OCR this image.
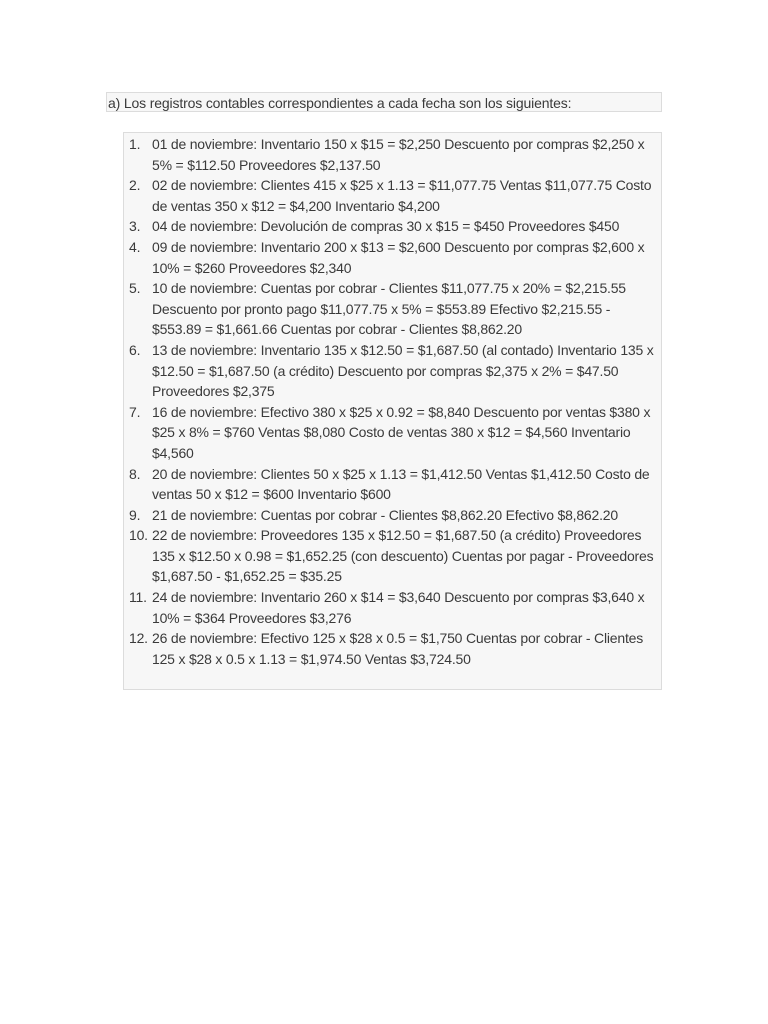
a) Los registros contables correspondientes a cada fecha son los siguientes:
1. 01 de noviembre: Inventario 150 x $15 = $2,250 Descuento por compras $2,250 x 5% = $112.50 Proveedores $2,137.50
2. 02 de noviembre: Clientes 415 x $25 x 1.13 = $11,077.75 Ventas $11,077.75 Costo de ventas 350 x $12 = $4,200 Inventario $4,200
3. 04 de noviembre: Devolución de compras 30 x $15 = $450 Proveedores $450
4. 09 de noviembre: Inventario 200 x $13 = $2,600 Descuento por compras $2,600 x 10% = $260 Proveedores $2,340
5. 10 de noviembre: Cuentas por cobrar - Clientes $11,077.75 x 20% = $2,215.55 Descuento por pronto pago $11,077.75 x 5% = $553.89 Efectivo $2,215.55 - $553.89 = $1,661.66 Cuentas por cobrar - Clientes $8,862.20
6. 13 de noviembre: Inventario 135 x $12.50 = $1,687.50 (al contado) Inventario 135 x $12.50 = $1,687.50 (a crédito) Descuento por compras $2,375 x 2% = $47.50 Proveedores $2,375
7. 16 de noviembre: Efectivo 380 x $25 x 0.92 = $8,840 Descuento por ventas $380 x $25 x 8% = $760 Ventas $8,080 Costo de ventas 380 x $12 = $4,560 Inventario $4,560
8. 20 de noviembre: Clientes 50 x $25 x 1.13 = $1,412.50 Ventas $1,412.50 Costo de ventas 50 x $12 = $600 Inventario $600
9. 21 de noviembre: Cuentas por cobrar - Clientes $8,862.20 Efectivo $8,862.20
10. 22 de noviembre: Proveedores 135 x $12.50 = $1,687.50 (a crédito) Proveedores 135 x $12.50 x 0.98 = $1,652.25 (con descuento) Cuentas por pagar - Proveedores $1,687.50 - $1,652.25 = $35.25
11. 24 de noviembre: Inventario 260 x $14 = $3,640 Descuento por compras $3,640 x 10% = $364 Proveedores $3,276
12. 26 de noviembre: Efectivo 125 x $28 x 0.5 = $1,750 Cuentas por cobrar - Clientes 125 x $28 x 0.5 x 1.13 = $1,974.50 Ventas $3,724.50
